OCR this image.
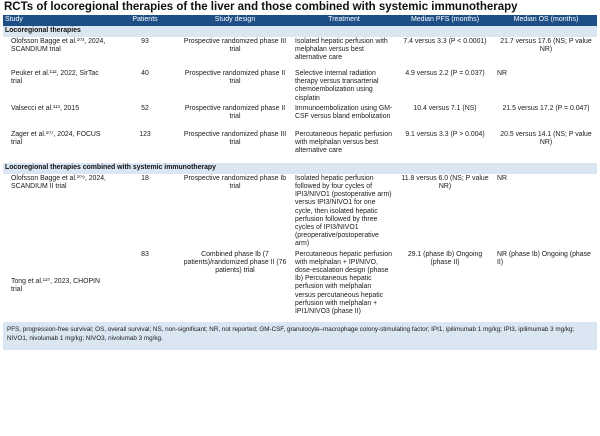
RCTs of locoregional therapies of the liver and those combined with systemic immunotherapy
Study	Patients	Study design	Treatment	Median PFS (months)	Median OS (months)
Locoregional therapies					
Olofsson Bagge et al.¹⁰³, 2024, SCANDIUM trial	93	Prospective randomized phase III trial	Isolated hepatic perfusion with melphalan versus best alternative care	7.4 versus 3.3 (P < 0.0001)	21.7 versus 17.6 (NS; P value NR)
Peuker et al.¹¹², 2022, SirTac trial	40	Prospective randomized phase II trial	Selective internal radiation therapy versus transarterial chemoembolization using cisplatin	4.9 versus 2.2 (P = 0.037)	NR
Valsecci et al.¹¹³, 2015	52	Prospective randomized phase II trial	Immunoembolization using GM-CSF versus bland embolization	10.4 versus 7.1 (NS)	21.5 versus 17.2 (P = 0.047)
Zager et al.¹⁰⁷, 2024, FOCUS trial	123	Prospective randomized phase III trial	Percutaneous hepatic perfusion with melphalan versus best alternative care	9.1 versus 3.3 (P > 0.004)	20.5 versus 14.1 (NS; P value NR)
Locoregional therapies combined with systemic immunotherapy					
Olofsson Bagge et al.¹⁰⁹, 2024, SCANDIUM II trial	18	Prospective randomized phase Ib trial	Isolated hepatic perfusion followed by four cycles of IPI3/NIVO1 (postoperative arm) versus IPI3/NIVO1 for one cycle, then isolated hepatic perfusion followed by three cycles of IPI3/NIVO1 (preoperative/postoperative arm)	11.8 versus 6.0 (NS; P value NR)	NR
Tong et al.¹¹⁰, 2023, CHOPIN trial	83	Combined phase Ib (7 patients)/randomized phase II (76 patients) trial	Percutaneous hepatic perfusion with melphalan + IPI/NIVO, dose-escalation design (phase Ib) Percutaneous hepatic perfusion with melphalan versus percutaneous hepatic perfusion with melphalan + IPI1/NIVO3 (phase II)	29.1 (phase Ib) Ongoing (phase II)	NR (phase Ib) Ongoing (phase II)
PFS, progression-free survival; OS, overall survival; NS, non-significant; NR, not reported; GM-CSF, granulocyte–macrophage colony-stimulating factor; IPI1, ipilimumab 1 mg/kg; IPI3, ipilimumab 3 mg/kg; NIVO1, nivolumab 1 mg/kg; NIVO3, nivolumab 3 mg/kg.
